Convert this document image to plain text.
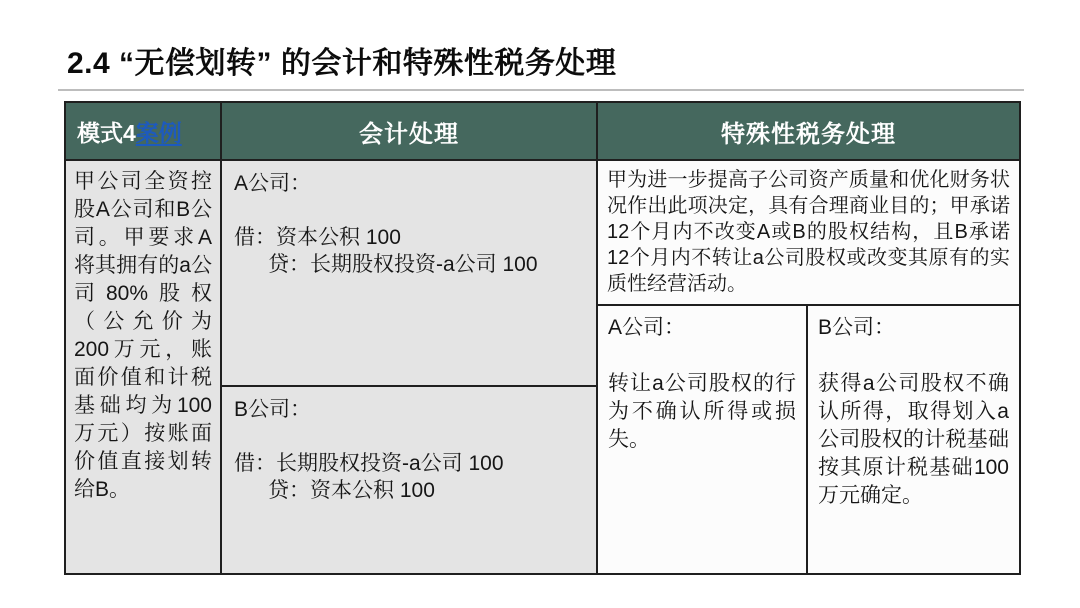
2.4 “无偿划转” 的会计和特殊性税务处理
模式4 案例	会计处理	特殊性税务处理
甲公司全资控股A公司和B公司。甲要求A将其拥有的a公司80%股权（公允价为200万元，账面价值和计税基础均为100万元）按账面价值直接划转给B。
A公司：
借：资本公积 100
贷：长期股权投资-a公司 100
B公司：
借：长期股权投资-a公司 100
贷：资本公积 100
甲为进一步提高子公司资产质量和优化财务状况作出此项决定，具有合理商业目的；甲承诺12个月内不改变A或B的股权结构，且B承诺12个月内不转让a公司股权或改变其原有的实质性经营活动。
A公司：
转让a公司股权的行为不确认所得或损失。
B公司：
获得a公司股权不确认所得，取得划入a公司股权的计税基础按其原计税基础100万元确定。
